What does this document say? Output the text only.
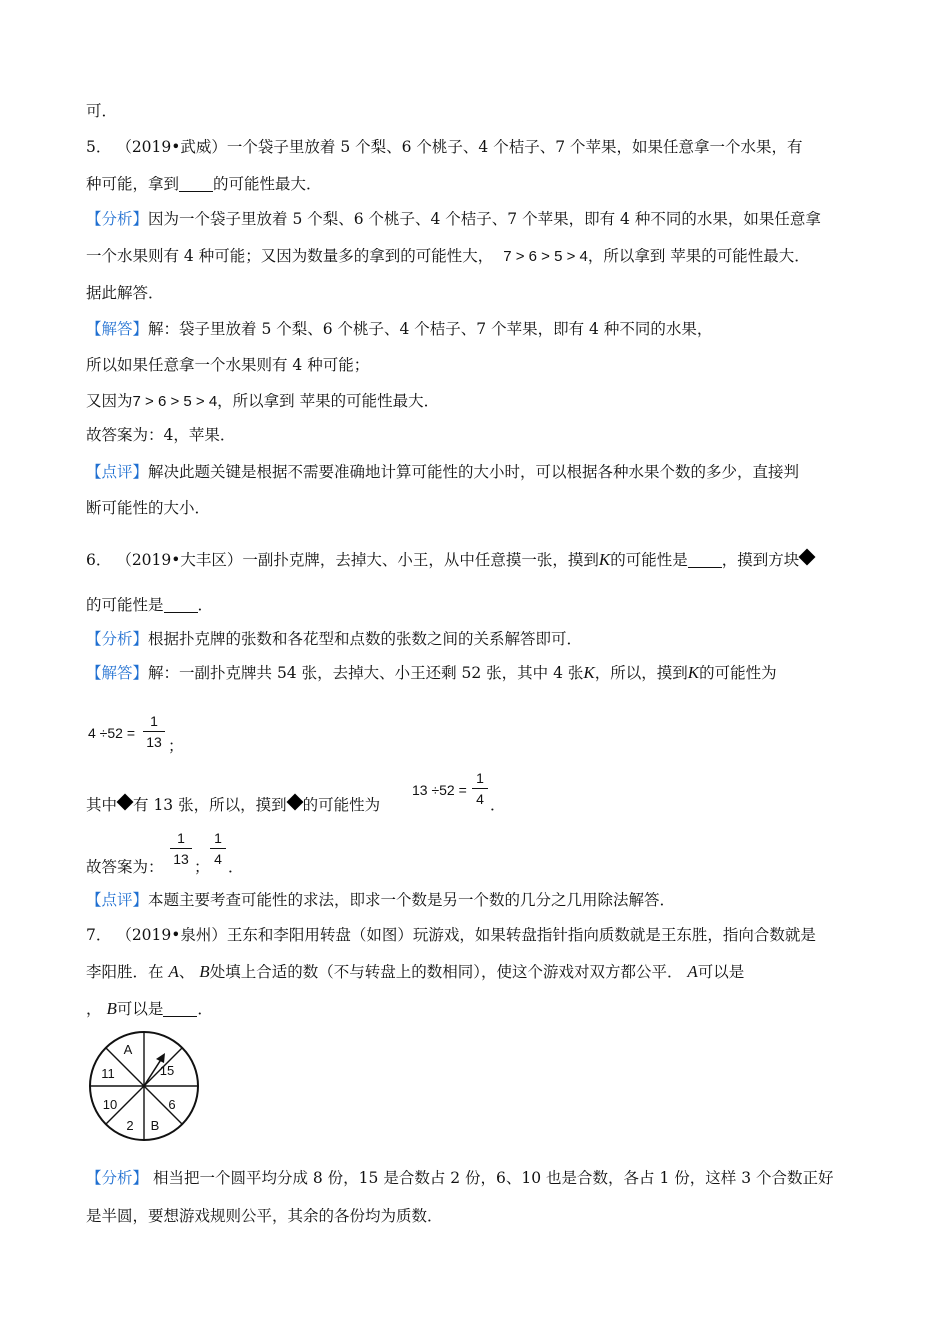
可．
5． （2019•武威）一个袋子里放着 5 个梨、6 个桃子、4 个桔子、7 个苹果，如果任意拿一个水果，有
种可能，拿到 的可能性最大．
【分析】因为一个袋子里放着 5 个梨、6 个桃子、4 个桔子、7 个苹果，即有 4 种不同的水果，如果任意拿
一个水果则有 4 种可能；又因为数量多的拿到的可能性大， 7 > 6 > 5 > 4，所以拿到 苹果的可能性最大．
据此解答．
【解答】解：袋子里放着 5 个梨、6 个桃子、4 个桔子、7 个苹果，即有 4 种不同的水果，
所以如果任意拿一个水果则有 4 种可能；
又因为7 > 6 > 5 > 4，所以拿到 苹果的可能性最大．
故答案为：4，苹果．
【点评】解决此题关键是根据不需要准确地计算可能性的大小时，可以根据各种水果个数的多少，直接判
断可能性的大小．
6． （2019•大丰区）一副扑克牌，去掉大、小王，从中任意摸一张，摸到K的可能性是 ，摸到方块
的可能性是 ．
【分析】根据扑克牌的张数和各花型和点数的张数之间的关系解答即可．
【解答】解：一副扑克牌共 54 张，去掉大、小王还剩 52 张，其中 4 张K，所以，摸到K的可能性为
4 ÷52 =
1
13 ；
其中 有 13 张，所以，摸到 的可能性为
13 ÷52 =
1
4 ．
故答案为：
1
13 ；
1
4 ．
【点评】本题主要考查可能性的求法，即求一个数是另一个数的几分之几用除法解答．
7． （2019•泉州）王东和李阳用转盘（如图）玩游戏，如果转盘指针指向质数就是王东胜，指向合数就是
李阳胜．在 A、 B处填上合适的数（不与转盘上的数相同），使这个游戏对双方都公平． A可以是
， B可以是 ．
A
15
6
B
2
10
11
【分析】 相当把一个圆平均分成 8 份，15 是合数占 2 份，6、10 也是合数，各占 1 份，这样 3 个合数正好
是半圆，要想游戏规则公平，其余的各份均为质数．
